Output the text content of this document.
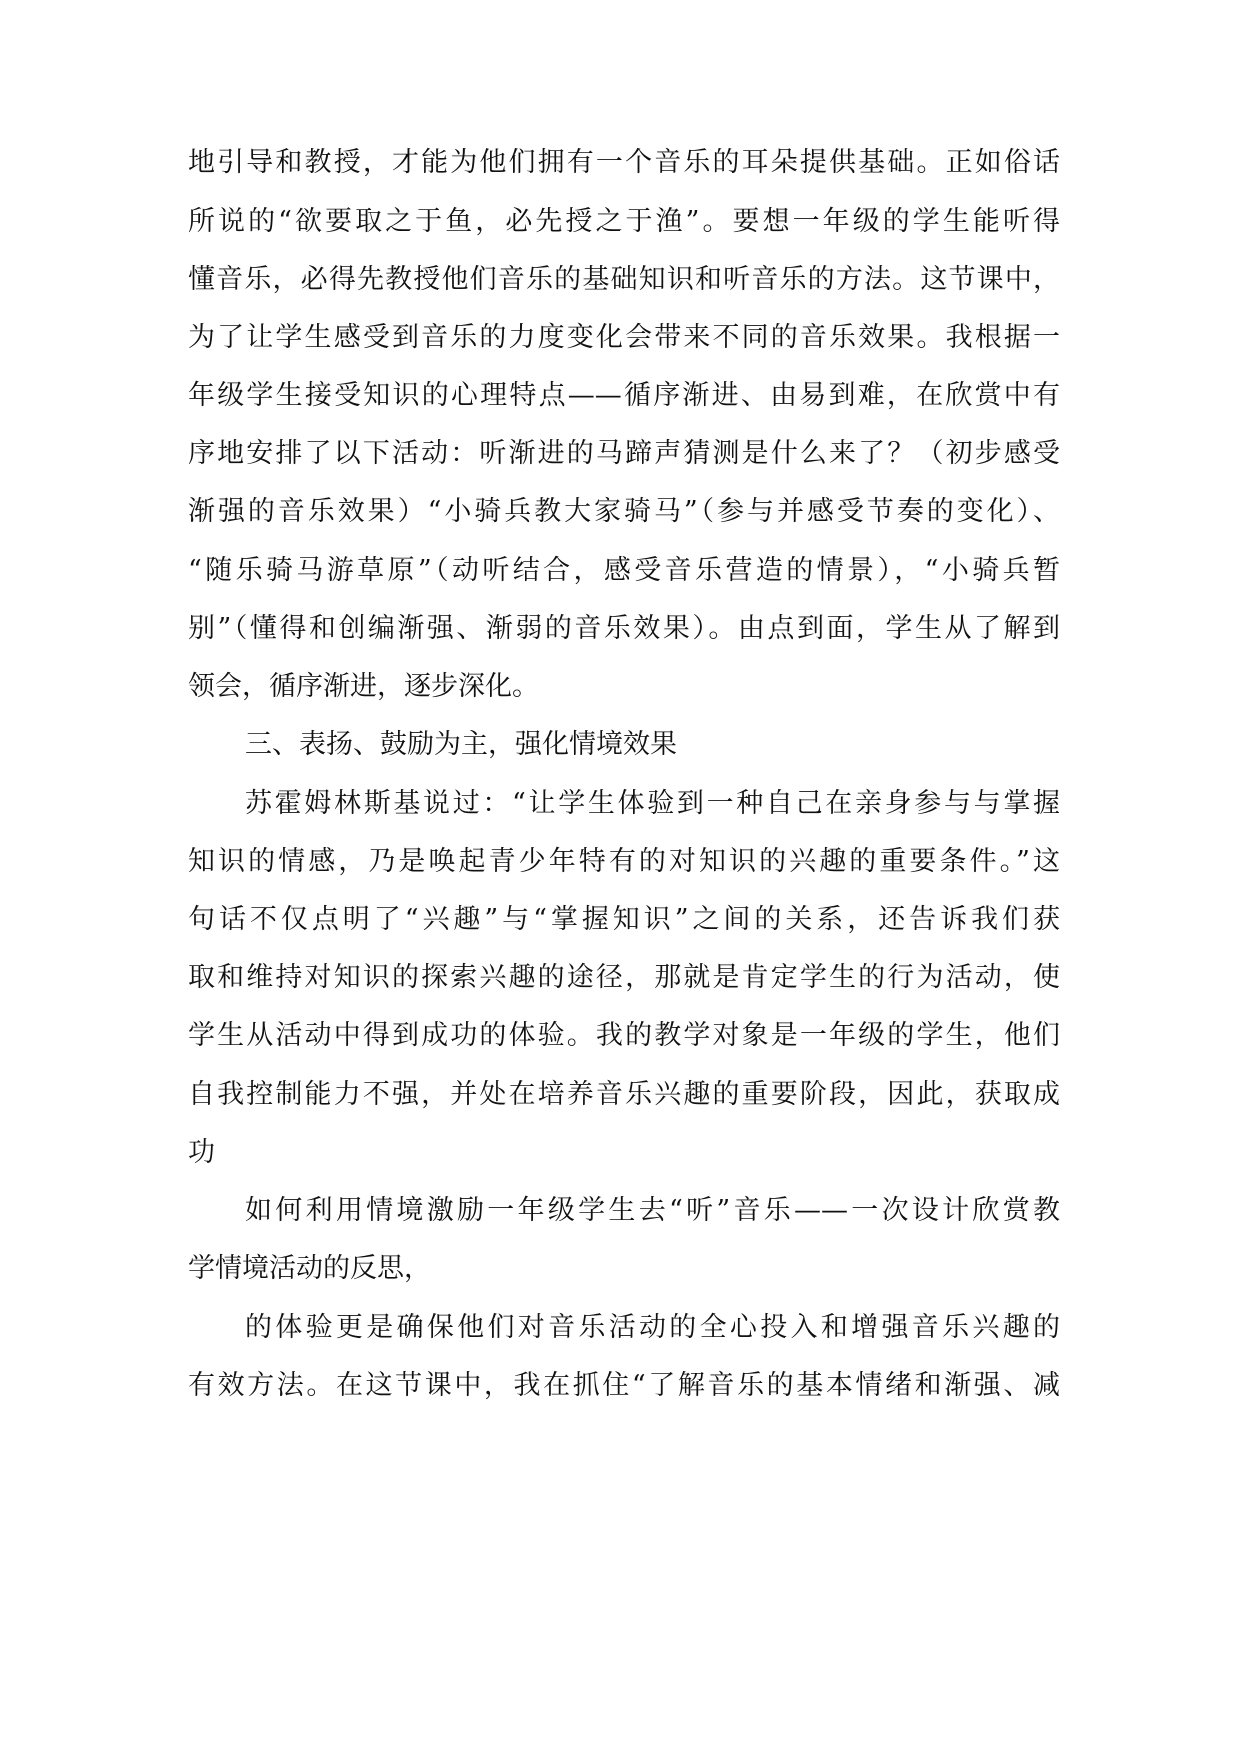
地引导和教授，才能为他们拥有一个音乐的耳朵提供基础。正如俗话
所说的“欲要取之于鱼，必先授之于渔”。要想一年级的学生能听得
懂音乐，必得先教授他们音乐的基础知识和听音乐的方法。这节课中，
为了让学生感受到音乐的力度变化会带来不同的音乐效果。我根据一
年级学生接受知识的心理特点——循序渐进、由易到难，在欣赏中有
序地安排了以下活动：听渐进的马蹄声猜测是什么来了？（初步感受
渐强的音乐效果）“小骑兵教大家骑马”（参与并感受节奏的变化）、
“随乐骑马游草原”（动听结合，感受音乐营造的情景），“小骑兵暂
别”（懂得和创编渐强、渐弱的音乐效果）。由点到面，学生从了解到
领会，循序渐进，逐步深化。
三、表扬、鼓励为主，强化情境效果
苏霍姆林斯基说过：“让学生体验到一种自己在亲身参与与掌握
知识的情感，乃是唤起青少年特有的对知识的兴趣的重要条件。”这
句话不仅点明了“兴趣”与“掌握知识”之间的关系，还告诉我们获
取和维持对知识的探索兴趣的途径，那就是肯定学生的行为活动，使
学生从活动中得到成功的体验。我的教学对象是一年级的学生，他们
自我控制能力不强，并处在培养音乐兴趣的重要阶段，因此，获取成
功
如何利用情境激励一年级学生去“听”音乐——一次设计欣赏教
学情境活动的反思，
的体验更是确保他们对音乐活动的全心投入和增强音乐兴趣的
有效方法。在这节课中，我在抓住“了解音乐的基本情绪和渐强、减
